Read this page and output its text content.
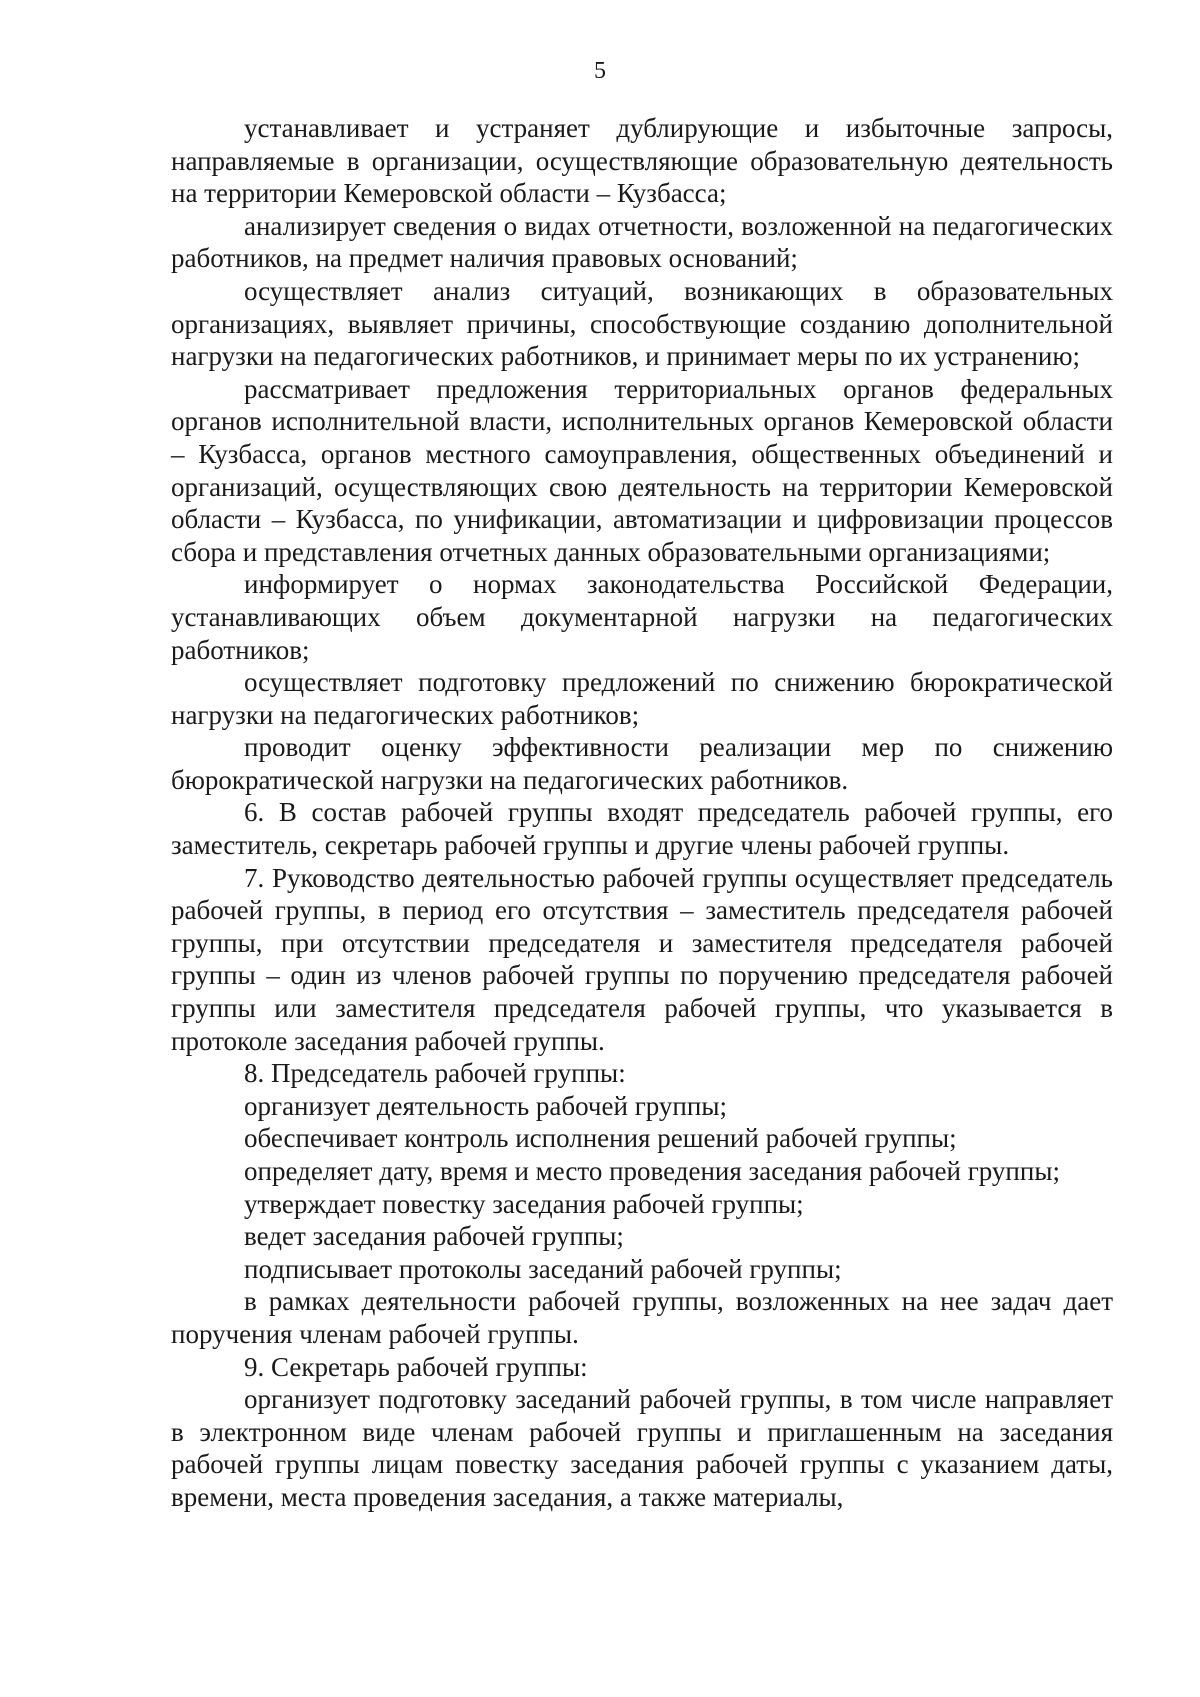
5

устанавливает и устраняет дублирующие и избыточные запросы, направляемые в организации, осуществляющие образовательную деятельность на территории Кемеровской области – Кузбасса;

анализирует сведения о видах отчетности, возложенной на педагогических работников, на предмет наличия правовых оснований;

осуществляет анализ ситуаций, возникающих в образовательных организациях, выявляет причины, способствующие созданию дополнительной нагрузки на педагогических работников, и принимает меры по их устранению;

рассматривает предложения территориальных органов федеральных органов исполнительной власти, исполнительных органов Кемеровской области – Кузбасса, органов местного самоуправления, общественных объединений и организаций, осуществляющих свою деятельность на территории Кемеровской области – Кузбасса, по унификации, автоматизации и цифровизации процессов сбора и представления отчетных данных образовательными организациями;

информирует о нормах законодательства Российской Федерации, устанавливающих объем документарной нагрузки на педагогических работников;

осуществляет подготовку предложений по снижению бюрократической нагрузки на педагогических работников;

проводит оценку эффективности реализации мер по снижению бюрократической нагрузки на педагогических работников.

6. В состав рабочей группы входят председатель рабочей группы, его заместитель, секретарь рабочей группы и другие члены рабочей группы.

7. Руководство деятельностью рабочей группы осуществляет председатель рабочей группы, в период его отсутствия – заместитель председателя рабочей группы, при отсутствии председателя и заместителя председателя рабочей группы – один из членов рабочей группы по поручению председателя рабочей группы или заместителя председателя рабочей группы, что указывается в протоколе заседания рабочей группы.

8. Председатель рабочей группы:

организует деятельность рабочей группы;

обеспечивает контроль исполнения решений рабочей группы;

определяет дату, время и место проведения заседания рабочей группы;

утверждает повестку заседания рабочей группы;

ведет заседания рабочей группы;

подписывает протоколы заседаний рабочей группы;

в рамках деятельности рабочей группы, возложенных на нее задач дает поручения членам рабочей группы.

9. Секретарь рабочей группы:

организует подготовку заседаний рабочей группы, в том числе направляет в электронном виде членам рабочей группы и приглашенным на заседания рабочей группы лицам повестку заседания рабочей группы с указанием даты, времени, места проведения заседания, а также материалы,
